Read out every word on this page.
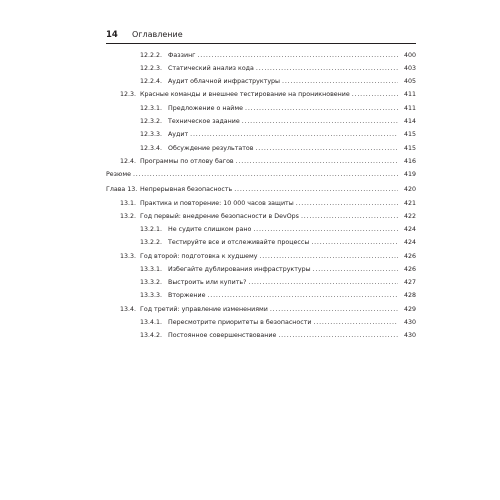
14 Оглавление
12.2.2. Фаззинг . . .	400
12.2.3. Статический анализ кода . . .	403
12.2.4. Аудит облачной инфраструктуры . . .	405
12.3. Красные команды и внешнее тестирование на проникновение . . .	411
12.3.1. Предложение о найме . . .	411
12.3.2. Техническое задание . . .	414
12.3.3. Аудит . . .	415
12.3.4. Обсуждение результатов . . .	415
12.4. Программы по отлову багов . . .	416
Резюме . . .	419
Глава 13. Непрерывная безопасность . . .	420
13.1. Практика и повторение: 10 000 часов защиты . . .	421
13.2. Год первый: внедрение безопасности в DevOps . . .	422
13.2.1. Не судите слишком рано . . .	424
13.2.2. Тестируйте все и отслеживайте процессы . . .	424
13.3. Год второй: подготовка к худшему . . .	426
13.3.1. Избегайте дублирования инфраструктуры . . .	426
13.3.2. Выстроить или купить? . . .	427
13.3.3. Вторжение . . .	428
13.4. Год третий: управление изменениями . . .	429
13.4.1. Пересмотрите приоритеты в безопасности . . .	430
13.4.2. Постоянное совершенствование . . .	430
